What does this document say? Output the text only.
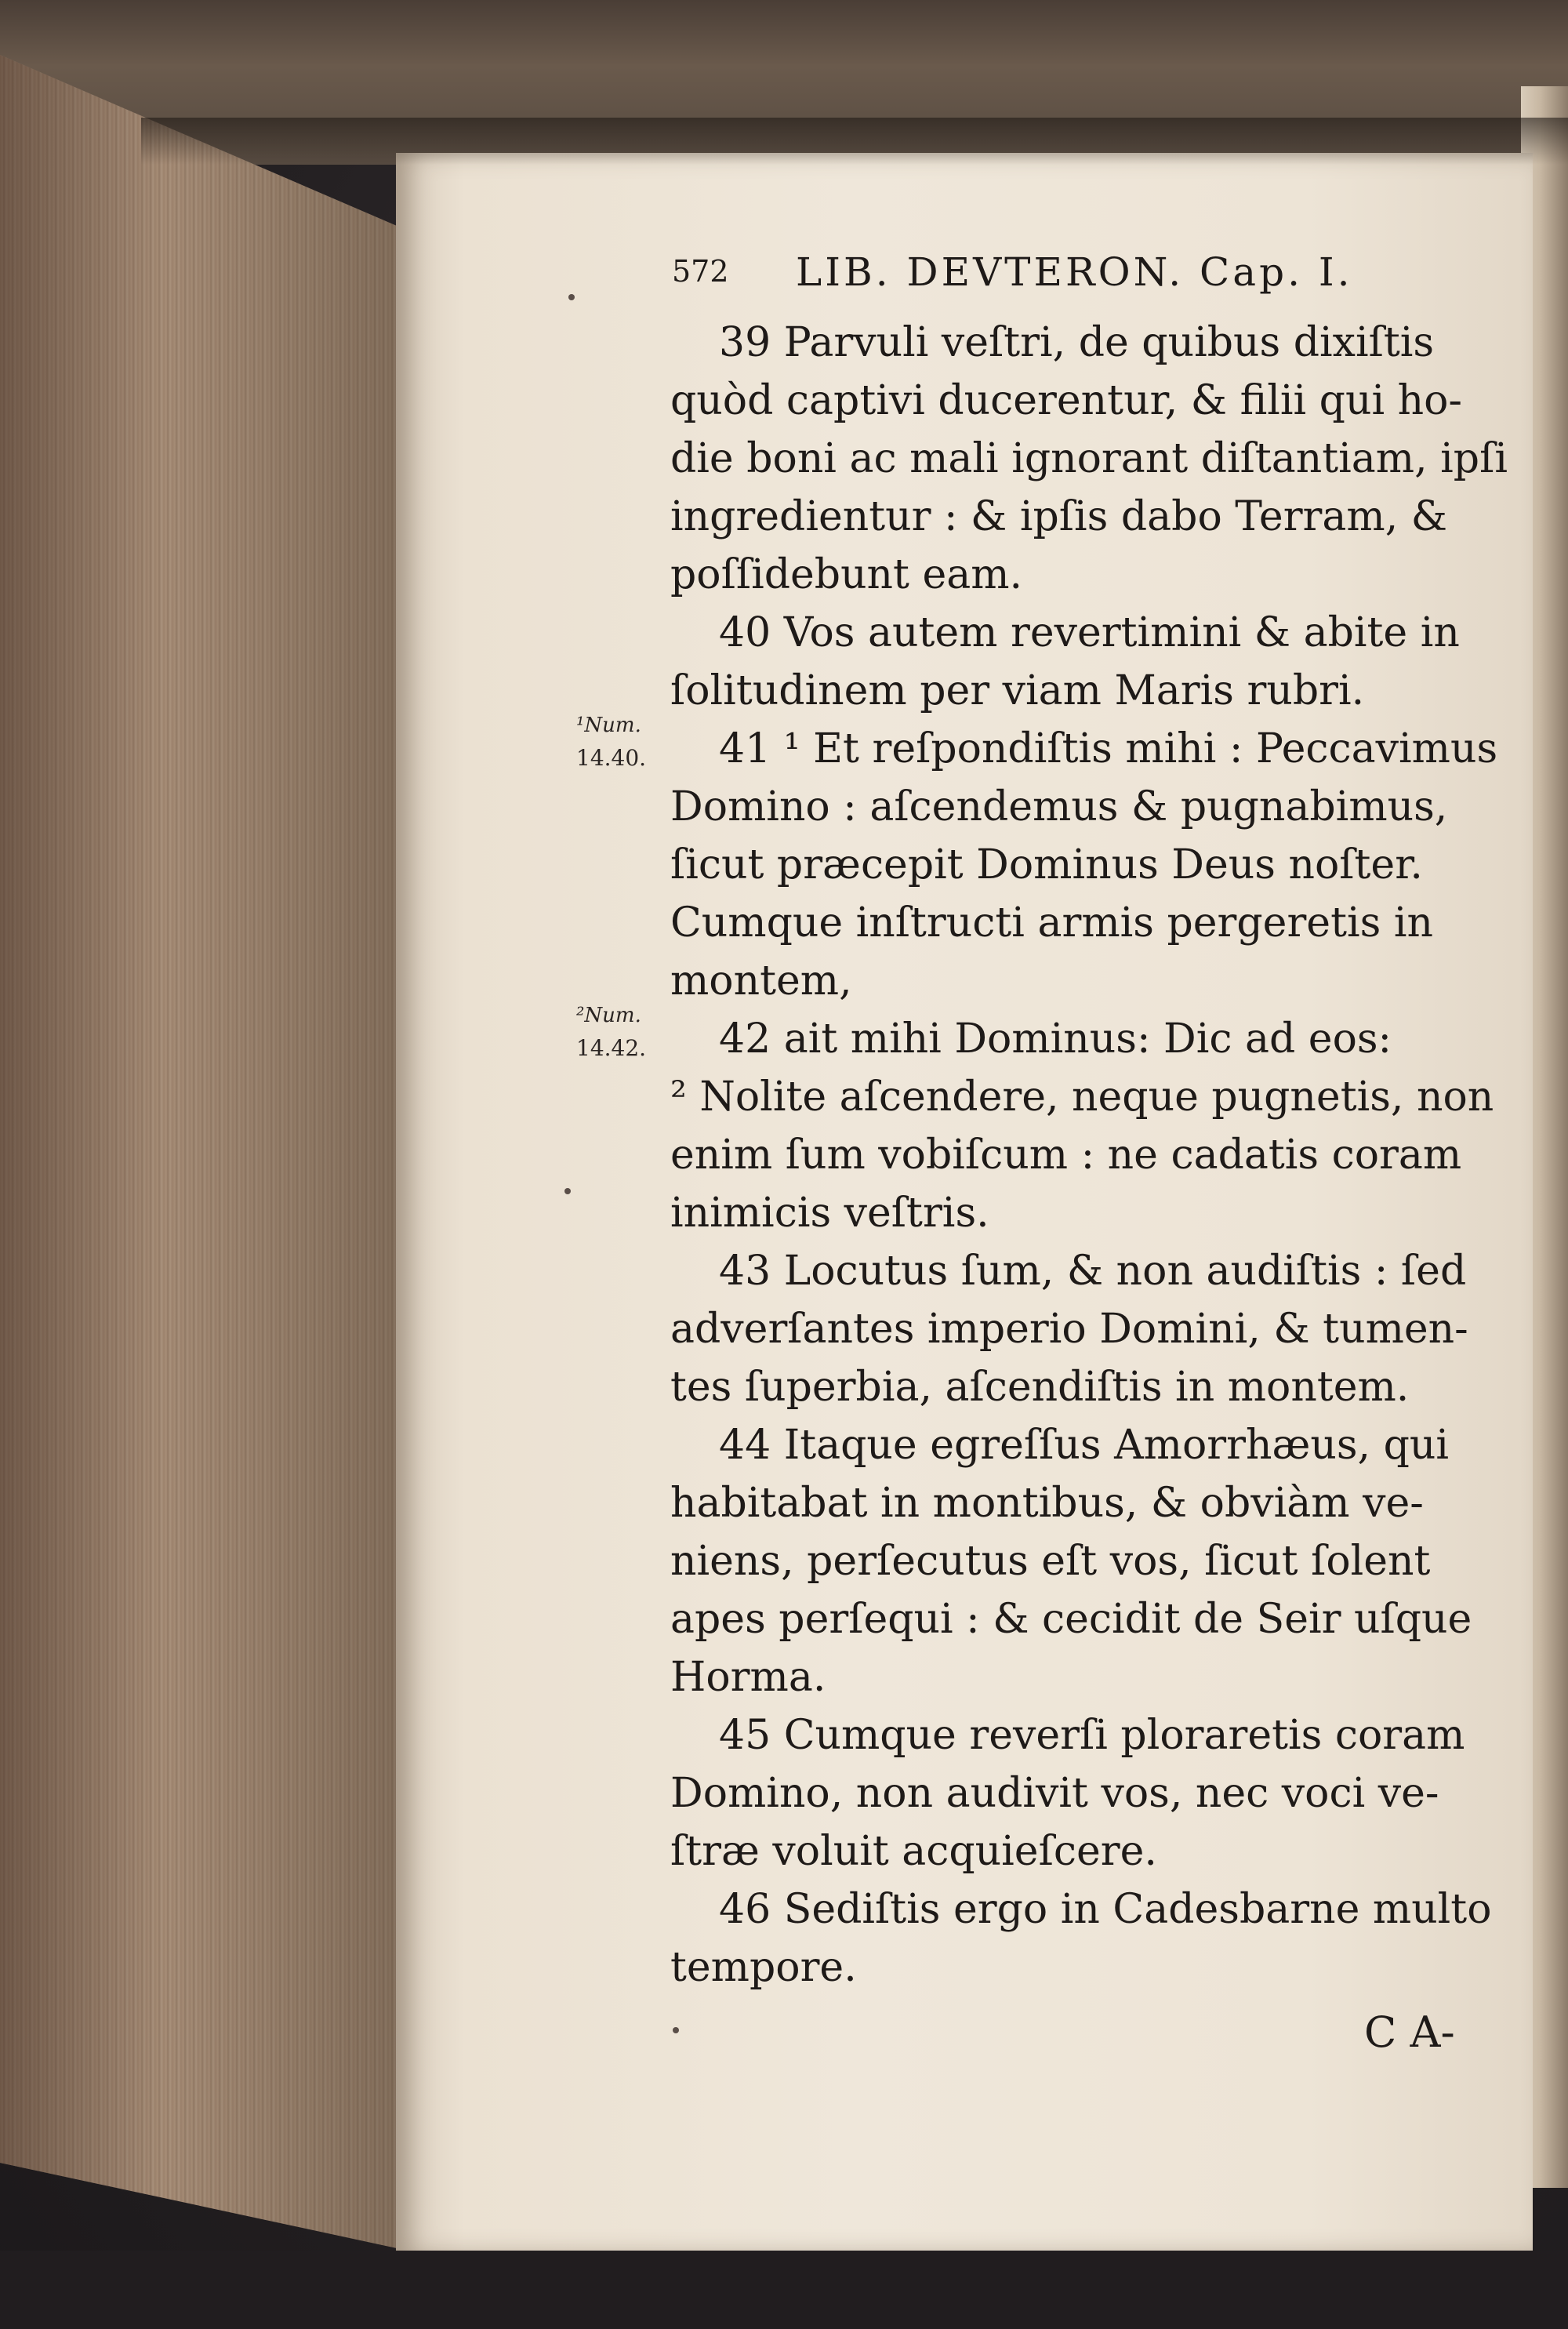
572 LIB. DEVTERON. Cap. I.
39 Parvuli veſtri, de quibus dixiſtis
quòd captivi ducerentur, & filii qui ho-
die boni ac mali ignorant diſtantiam, ipſi
ingredientur : & ipſis dabo Terram, &
poſſidebunt eam.
40 Vos autem revertimini & abite in
ſolitudinem per viam Maris rubri.
41 ¹ Et reſpondiſtis mihi : Peccavimus
Domino : aſcendemus & pugnabimus,
ſicut præcepit Dominus Deus noſter.
Cumque inſtructi armis pergeretis in
montem,
42 ait mihi Dominus: Dic ad eos:
² Nolite aſcendere, neque pugnetis, non
enim ſum vobiſcum : ne cadatis coram
inimicis veſtris.
43 Locutus ſum, & non audiſtis : ſed
adverſantes imperio Domini, & tumen-
tes ſuperbia, aſcendiſtis in montem.
44 Itaque egreſſus Amorrhæus, qui
habitabat in montibus, & obviàm ve-
niens, perſecutus eſt vos, ſicut ſolent
apes perſequi : & cecidit de Seir uſque
Horma.
45 Cumque reverſi ploraretis coram
Domino, non audivit vos, nec voci ve-
ſtræ voluit acquieſcere.
46 Sediſtis ergo in Cadesbarne multo
tempore.
¹Num.
14.40.
²Num.
14.42.
C A-
